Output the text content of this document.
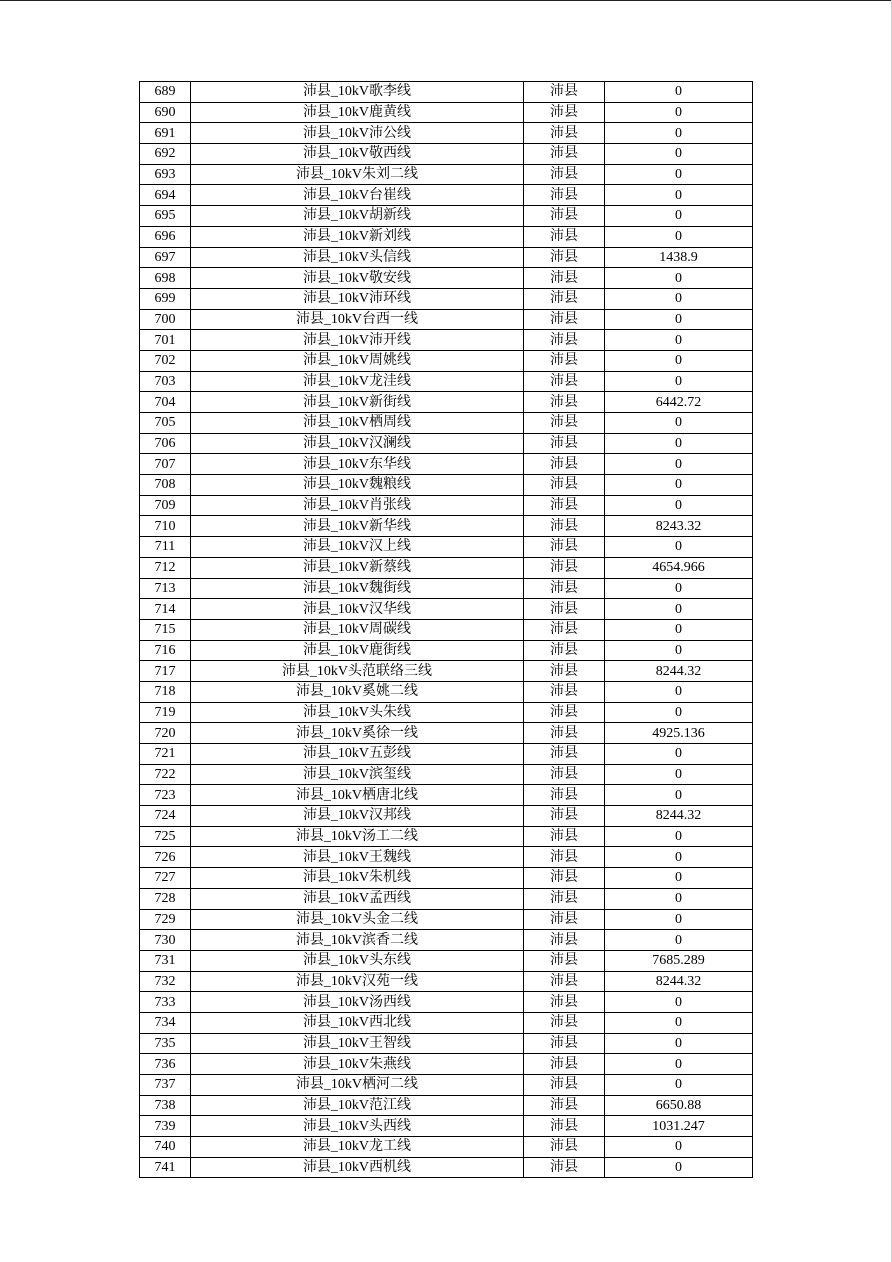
689	沛县_10kV歌李线	沛县	0
690	沛县_10kV鹿黄线	沛县	0
691	沛县_10kV沛公线	沛县	0
692	沛县_10kV敬西线	沛县	0
693	沛县_10kV朱刘二线	沛县	0
694	沛县_10kV台崔线	沛县	0
695	沛县_10kV胡新线	沛县	0
696	沛县_10kV新刘线	沛县	0
697	沛县_10kV头信线	沛县	1438.9
698	沛县_10kV敬安线	沛县	0
699	沛县_10kV沛环线	沛县	0
700	沛县_10kV台西一线	沛县	0
701	沛县_10kV沛开线	沛县	0
702	沛县_10kV周姚线	沛县	0
703	沛县_10kV龙洼线	沛县	0
704	沛县_10kV新街线	沛县	6442.72
705	沛县_10kV栖周线	沛县	0
706	沛县_10kV汉澜线	沛县	0
707	沛县_10kV东华线	沛县	0
708	沛县_10kV魏粮线	沛县	0
709	沛县_10kV肖张线	沛县	0
710	沛县_10kV新华线	沛县	8243.32
711	沛县_10kV汉上线	沛县	0
712	沛县_10kV新蔡线	沛县	4654.966
713	沛县_10kV魏街线	沛县	0
714	沛县_10kV汉华线	沛县	0
715	沛县_10kV周碳线	沛县	0
716	沛县_10kV鹿街线	沛县	0
717	沛县_10kV头范联络三线	沛县	8244.32
718	沛县_10kV奚姚二线	沛县	0
719	沛县_10kV头朱线	沛县	0
720	沛县_10kV奚徐一线	沛县	4925.136
721	沛县_10kV五彭线	沛县	0
722	沛县_10kV滨玺线	沛县	0
723	沛县_10kV栖唐北线	沛县	0
724	沛县_10kV汉邦线	沛县	8244.32
725	沛县_10kV汤工二线	沛县	0
726	沛县_10kV王魏线	沛县	0
727	沛县_10kV朱机线	沛县	0
728	沛县_10kV孟西线	沛县	0
729	沛县_10kV头金二线	沛县	0
730	沛县_10kV滨香二线	沛县	0
731	沛县_10kV头东线	沛县	7685.289
732	沛县_10kV汉苑一线	沛县	8244.32
733	沛县_10kV汤西线	沛县	0
734	沛县_10kV西北线	沛县	0
735	沛县_10kV王智线	沛县	0
736	沛县_10kV朱燕线	沛县	0
737	沛县_10kV栖河二线	沛县	0
738	沛县_10kV范江线	沛县	6650.88
739	沛县_10kV头西线	沛县	1031.247
740	沛县_10kV龙工线	沛县	0
741	沛县_10kV西机线	沛县	0
